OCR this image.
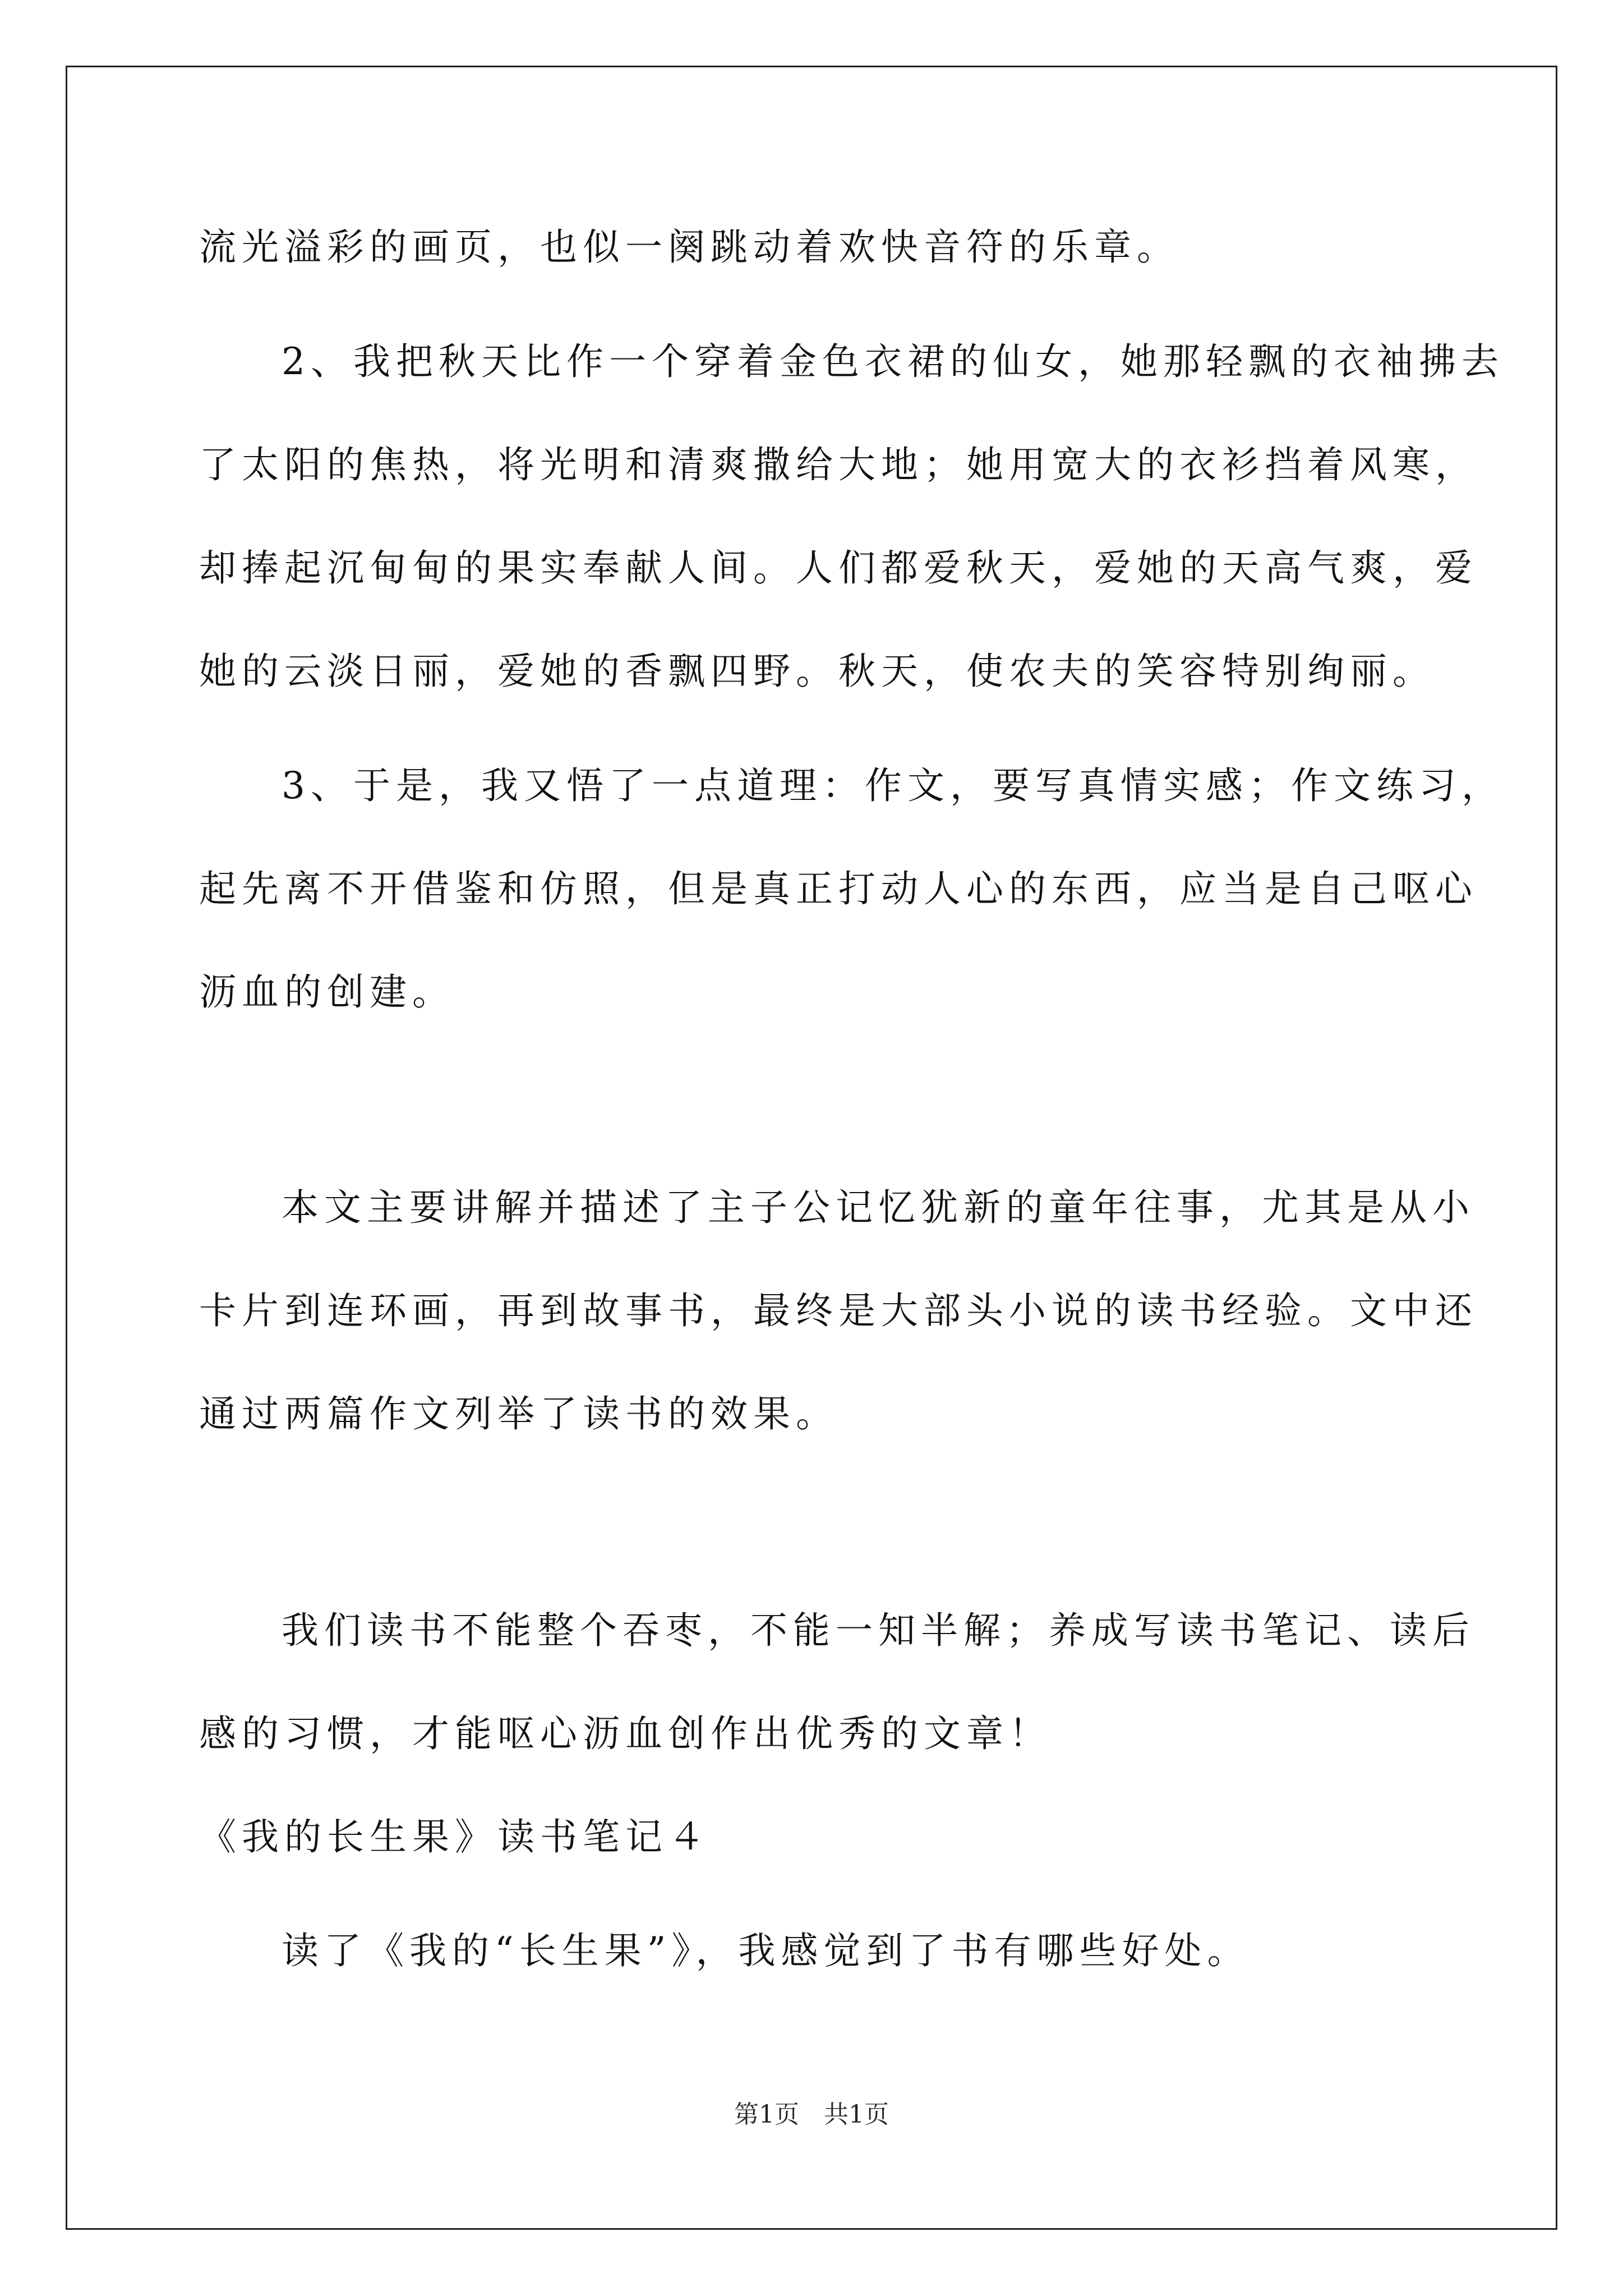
流光溢彩的画页，也似一阕跳动着欢快音符的乐章。
2、我把秋天比作一个穿着金色衣裙的仙女，她那轻飘的衣袖拂去
了太阳的焦热，将光明和清爽撒给大地；她用宽大的衣衫挡着风寒，
却捧起沉甸甸的果实奉献人间。人们都爱秋天，爱她的天高气爽，爱
她的云淡日丽，爱她的香飘四野。秋天，使农夫的笑容特别绚丽。
3、于是，我又悟了一点道理：作文，要写真情实感；作文练习，
起先离不开借鉴和仿照，但是真正打动人心的东西，应当是自己呕心
沥血的创建。
本文主要讲解并描述了主子公记忆犹新的童年往事，尤其是从小
卡片到连环画，再到故事书，最终是大部头小说的读书经验。文中还
通过两篇作文列举了读书的效果。
我们读书不能整个吞枣，不能一知半解；养成写读书笔记、读后
感的习惯，才能呕心沥血创作出优秀的文章！
《我的长生果》读书笔记４
读了《我的“长生果”》，我感觉到了书有哪些好处。
第1页　共1页
